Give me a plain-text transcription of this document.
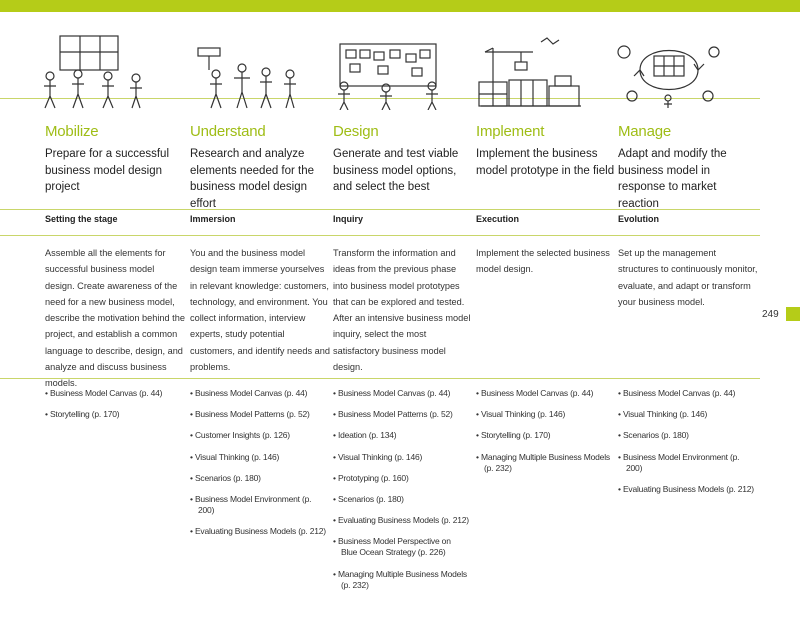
Mobilize
Prepare for a successful business model design project
Setting the stage
Assemble all the elements for successful business model design. Create awareness of the need for a new business model, describe the motivation behind the project, and establish a common language to describe, design, and analyze and discuss business models.
• Business Model Canvas (p. 44)
• Storytelling (p. 170)
Understand
Research and analyze elements needed for the business model design effort
Immersion
You and the business model design team immerse yourselves in relevant knowledge: customers, technology, and environment. You collect information, interview experts, study potential customers, and identify needs and problems.
• Business Model Canvas (p. 44)
• Business Model Patterns (p. 52)
• Customer Insights (p. 126)
• Visual Thinking (p. 146)
• Scenarios (p. 180)
• Business Model Environment (p. 200)
• Evaluating Business Models (p. 212)
Design
Generate and test viable business model options, and select the best
Inquiry
Transform the information and ideas from the previous phase into business model prototypes that can be explored and tested. After an intensive business model inquiry, select the most satisfactory business model design.
• Business Model Canvas (p. 44)
• Business Model Patterns (p. 52)
• Ideation (p. 134)
• Visual Thinking (p. 146)
• Prototyping (p. 160)
• Scenarios (p. 180)
• Evaluating Business Models (p. 212)
• Business Model Perspective on Blue Ocean Strategy (p. 226)
• Managing Multiple Business Models (p. 232)
Implement
Implement the business model prototype in the field
Execution
Implement the selected business model design.
• Business Model Canvas (p. 44)
• Visual Thinking (p. 146)
• Storytelling (p. 170)
• Managing Multiple Business Models (p. 232)
Manage
Adapt and modify the business model in response to market reaction
Evolution
Set up the management structures to continuously monitor, evaluate, and adapt or transform your business model.
• Business Model Canvas (p. 44)
• Visual Thinking (p. 146)
• Scenarios (p. 180)
• Business Model Environment (p. 200)
• Evaluating Business Models (p. 212)
249
